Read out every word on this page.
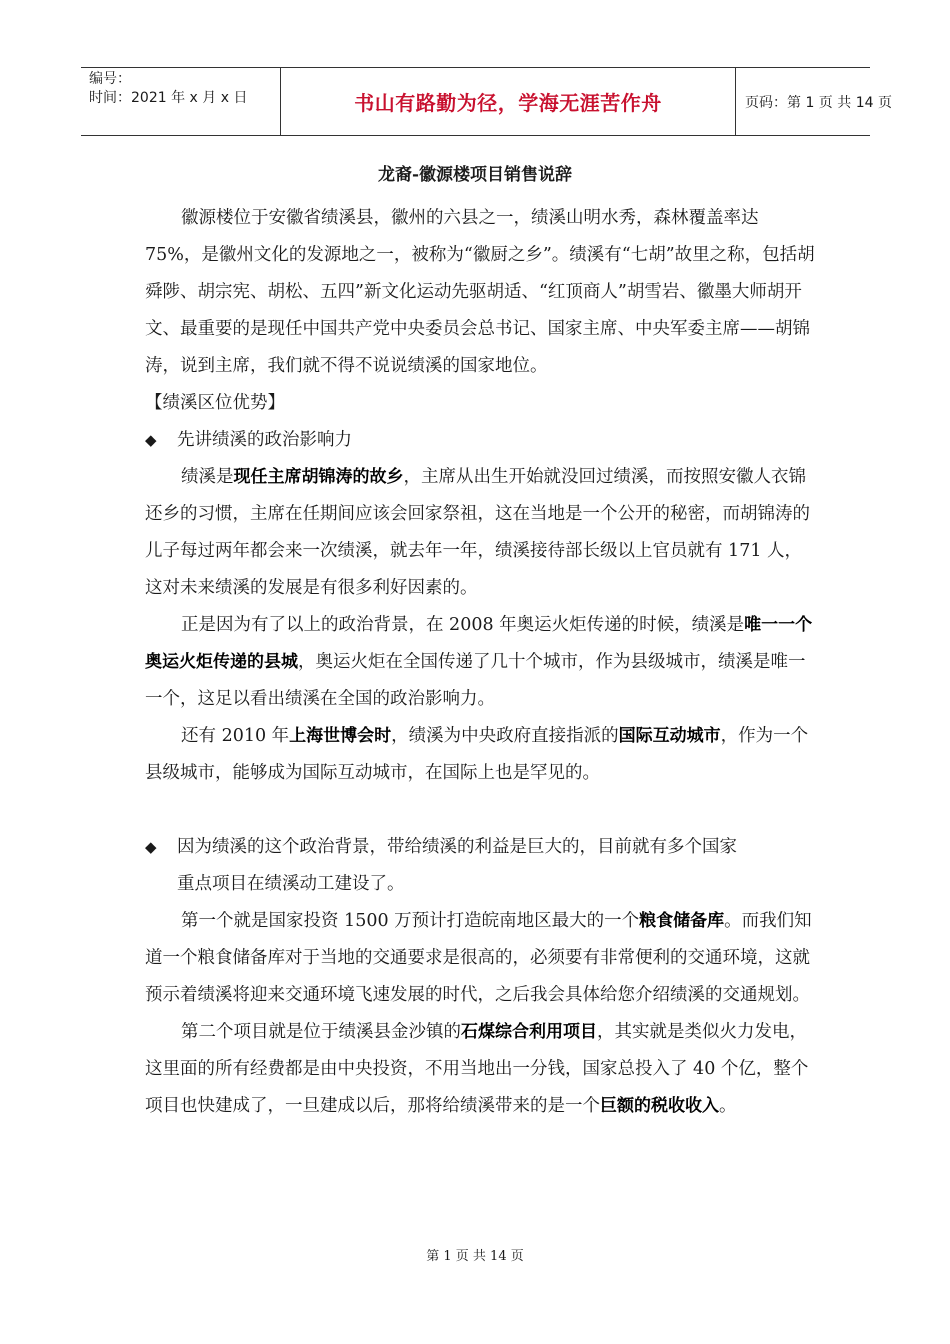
编号：
时间：2021 年 x 月 x 日	书山有路勤为径，学海无涯苦作舟	页码：第 1 页 共 14 页
龙裔-徽源楼项目销售说辞

徽源楼位于安徽省绩溪县，徽州的六县之一，绩溪山明水秀，森林覆盖率达 75%，是徽州文化的发源地之一，被称为“徽厨之乡”。绩溪有“七胡”故里之称，包括胡舜陟、胡宗宪、胡松、五四”新文化运动先驱胡适、“红顶商人”胡雪岩、徽墨大师胡开文、最重要的是现任中国共产党中央委员会总书记、国家主席、中央军委主席——胡锦涛，说到主席，我们就不得不说说绩溪的国家地位。

【绩溪区位优势】

◆ 先讲绩溪的政治影响力

绩溪是现任主席胡锦涛的故乡，主席从出生开始就没回过绩溪，而按照安徽人衣锦还乡的习惯，主席在任期间应该会回家祭祖，这在当地是一个公开的秘密，而胡锦涛的儿子每过两年都会来一次绩溪，就去年一年，绩溪接待部长级以上官员就有 171 人，这对未来绩溪的发展是有很多利好因素的。

正是因为有了以上的政治背景，在 2008 年奥运火炬传递的时候，绩溪是唯一一个奥运火炬传递的县城，奥运火炬在全国传递了几十个城市，作为县级城市，绩溪是唯一一个，这足以看出绩溪在全国的政治影响力。

还有 2010 年上海世博会时，绩溪为中央政府直接指派的国际互动城市，作为一个县级城市，能够成为国际互动城市，在国际上也是罕见的。

◆	因为绩溪的这个政治背景，带给绩溪的利益是巨大的，目前就有多个国家
重点项目在绩溪动工建设了。

第一个就是国家投资 1500 万预计打造皖南地区最大的一个粮食储备库。而我们知道一个粮食储备库对于当地的交通要求是很高的，必须要有非常便利的交通环境，这就预示着绩溪将迎来交通环境飞速发展的时代，之后我会具体给您介绍绩溪的交通规划。

第二个项目就是位于绩溪县金沙镇的石煤综合利用项目，其实就是类似火力发电，这里面的所有经费都是由中央投资，不用当地出一分钱，国家总投入了 40 个亿，整个项目也快建成了，一旦建成以后，那将给绩溪带来的是一个巨额的税收收入。

第 1 页 共 14 页
